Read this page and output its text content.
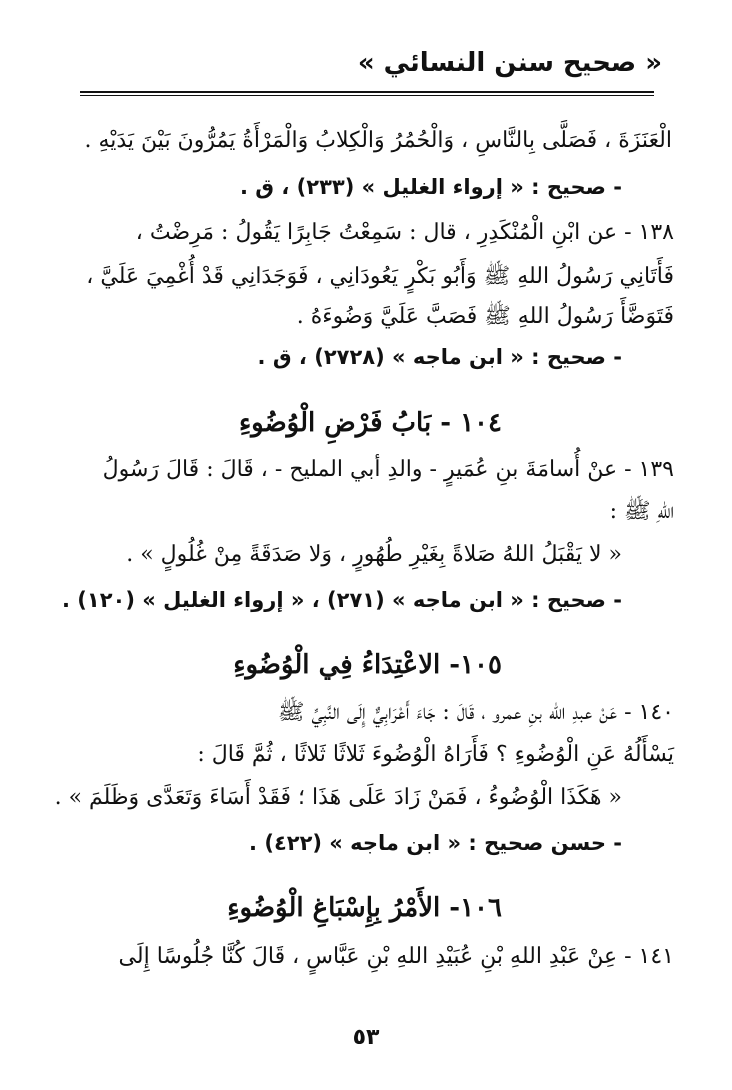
« صحيح سنن النسائي »
الْعَنَزَةَ ، فَصَلَّى بِالنَّاسِ ، وَالْحُمُرُ وَالْكِلابُ وَالْمَرْأَةُ يَمُرُّونَ بَيْنَ يَدَيْهِ .
- صحيح : « إرواء الغليل » (٢٣٣) ، ق .
١٣٨ - عن ابْنِ الْمُنْكَدِرِ ، قال : سَمِعْتُ جَابِرًا يَقُولُ : مَرِضْتُ ،
فَأَتَانِي رَسُولُ اللهِ ﷺ وَأَبُو بَكْرٍ يَعُودَانِي ، فَوَجَدَانِي قَدْ أُغْمِيَ عَلَيَّ ،
فَتَوَضَّأَ رَسُولُ اللهِ ﷺ فَصَبَّ عَلَيَّ وَضُوءَهُ .
- صحيح : « ابن ماجه » (٢٧٢٨) ، ق .
١٠٤ - بَابُ فَرْضِ الْوُضُوءِ
١٣٩ - عنْ أُسامَةَ بنِ عُمَيرٍ - والدِ أبي المليح - ، قَالَ : قَالَ رَسُولُ
اللهِ ﷺ :
« لا يَقْبَلُ اللهُ صَلاةً بِغَيْرِ طُهُورٍ ، وَلا صَدَقَةً مِنْ غُلُولٍ » .
- صحيح : « ابن ماجه » (٢٧١) ، « إرواء الغليل » (١٢٠) .
١٠٥- الاعْتِدَاءُ فِي الْوُضُوءِ
١٤٠ - عَنْ عبدِ الله بنِ عمرو ، قَالَ : جَاءَ أَعْرَابِيٌّ إِلَى النَّبِيِّ ﷺ
يَسْأَلُهُ عَنِ الْوُضُوءِ ؟ فَأَرَاهُ الْوُضُوءَ ثَلاثًا ثَلاثًا ، ثُمَّ قَالَ :
« هَكَذَا الْوُضُوءُ ، فَمَنْ زَادَ عَلَى هَذَا ؛ فَقَدْ أَسَاءَ وَتَعَدَّى وَظَلَمَ » .
- حسن صحيح : « ابن ماجه » (٤٢٢) .
١٠٦- الأَمْرُ بِإِسْبَاغِ الْوُضُوءِ
١٤١ - عِنْ عَبْدِ اللهِ بْنِ عُبَيْدِ اللهِ بْنِ عَبَّاسٍ ، قَالَ كُنَّا جُلُوسًا إِلَى
٥٣
